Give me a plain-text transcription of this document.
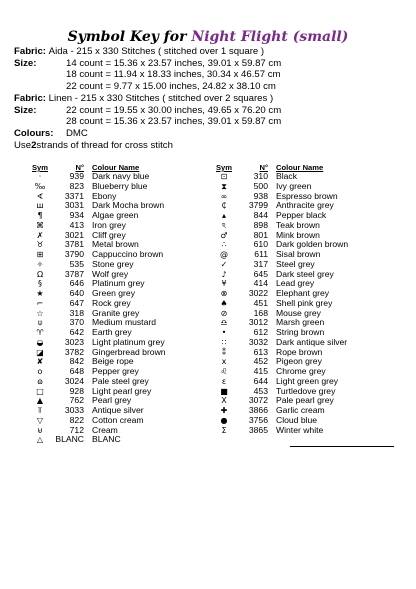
Symbol Key for Night Flight (small)
Fabric:
Aida - 215 x 330 Stitches ( stitched over 1 square )
Size:	14 count = 15.36 x 23.57 inches, 39.01 x 59.87 cm
18 count = 11.94 x 18.33 inches, 30.34 x 46.57 cm
22 count = 9.77 x 15.00 inches, 24.82 x 38.10 cm
Fabric:
Linen - 215 x 330 Stitches ( stitched over 2 squares )
Size:	22 count = 19.55 x 30.00 inches, 49.65 x 76.20 cm
28 count = 15.36 x 23.57 inches, 39.01 x 59.87 cm
Colours:	DMC
Use 2 strands of thread for cross stitch
Sym	N°	Colour Name
·	939 Dark navy blue
‰	823 Blueberry blue
∢	3371 Ebony
ш	3031 Dark Mocha brown
¶	934 Algae green
⌘	413 Iron grey
✗	3021 Cliff grey
♉	3781 Metal brown
⊞	3790 Cappuccino brown
✧	535 Stone grey
Ω	3787 Wolf grey
§	646 Platinum grey
★	640 Green grey
⌐	647 Rock grey
☆	318 Granite grey
⍦	370 Medium mustard
♈	642 Earth grey
◒	3023 Light platinum grey
◪	3782 Gingerbread brown
✘	842 Beige rope
o	648 Pepper grey
ɷ	3024 Pale steel grey
□	928 Light pearl grey
▲	762 Pearl grey
⫪	3033 Antique silver
▽	822 Cotton cream
⊌	712 Cream
△	BLANC BLANC
Sym	N°	Colour Name
⊡	310 Black
⧗	500 Ivy green
∞	938 Espresso brown
₵	3799 Anthracite grey
▴	844 Pepper black
ঽ	898 Teak brown
♂	801 Mink brown
∴	610 Dark golden brown
@	611 Sisal brown
✓	317 Steel grey
♪	645 Dark steel grey
¥	414 Lead grey
⊗	3022 Elephant grey
♠	451 Shell pink grey
⊘	168 Mouse grey
♎	3012 Marsh green
•	612 String brown
∷	3032 Dark antique silver
⁑	613 Rope brown
x	452 Pigeon grey
♌	415 Chrome grey
ɛ	644 Light green grey
■	453 Turtledove grey
X	3072 Pale pearl grey
✚	3866 Garlic cream
●	3756 Cloud blue
Σ	3865 Winter white
